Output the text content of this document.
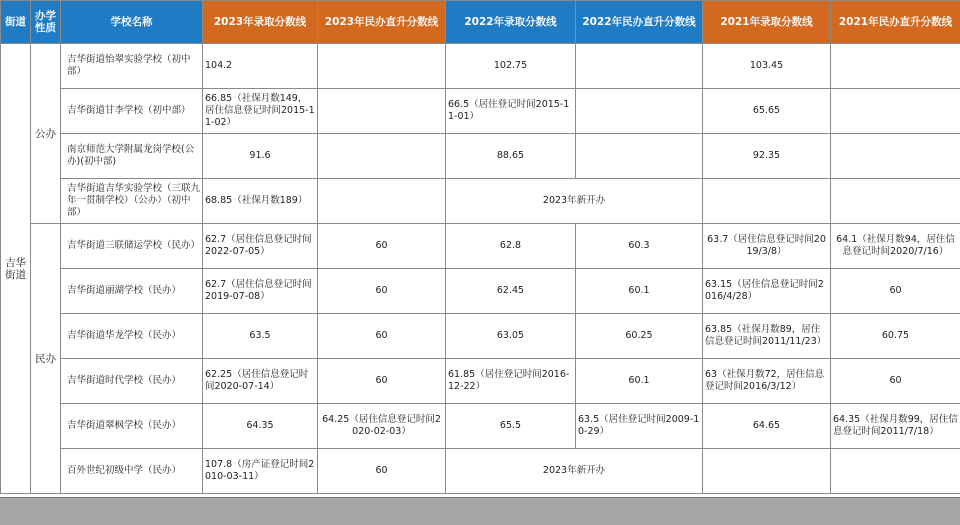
街道	办学性质	学校名称	2023年录取分数线	2023年民办直升分数线	2022年录取分数线	2022年民办直升分数线	2021年录取分数线	2021年民办直升分数线
吉华街道	公办	吉华街道怡翠实验学校（初中部）	104.2		102.75		103.45	
		吉华街道甘李学校（初中部）	66.85（社保月数149，居住信息登记时间2015-11-02）		66.5（居住登记时间2015-11-01）		65.65	
		南京师范大学附属龙岗学校(公办)(初中部)	91.6		88.65		92.35	
		吉华街道吉华实验学校（三联九年一贯制学校）（公办）（初中部）	68.85（社保月数189）		2023年新开办			
	民办	吉华街道三联储运学校（民办）	62.7（居住信息登记时间2022-07-05）	60	62.8	60.3	63.7（居住信息登记时间2019/3/8）	64.1（社保月数94，居住信息登记时间2020/7/16）
		吉华街道丽湖学校（民办）	62.7（居住信息登记时间2019-07-08）	60	62.45	60.1	63.15（居住信息登记时间2016/4/28）	60
		吉华街道华龙学校（民办）	63.5	60	63.05	60.25	63.85（社保月数89，居住信息登记时间2011/11/23）	60.75
		吉华街道时代学校（民办）	62.25（居住信息登记时间2020-07-14）	60	61.85（居住登记时间2016-12-22）	60.1	63（社保月数72，居住信息登记时间2016/3/12）	60
		吉华街道翠枫学校（民办）	64.35	64.25（居住信息登记时间2020-02-03）	65.5	63.5（居住登记时间2009-10-29）	64.65	64.35（社保月数99，居住信息登记时间2011/7/18）
		百外世纪初级中学（民办）	107.8（房产证登记时间2010-03-11）	60	2023年新开办			
